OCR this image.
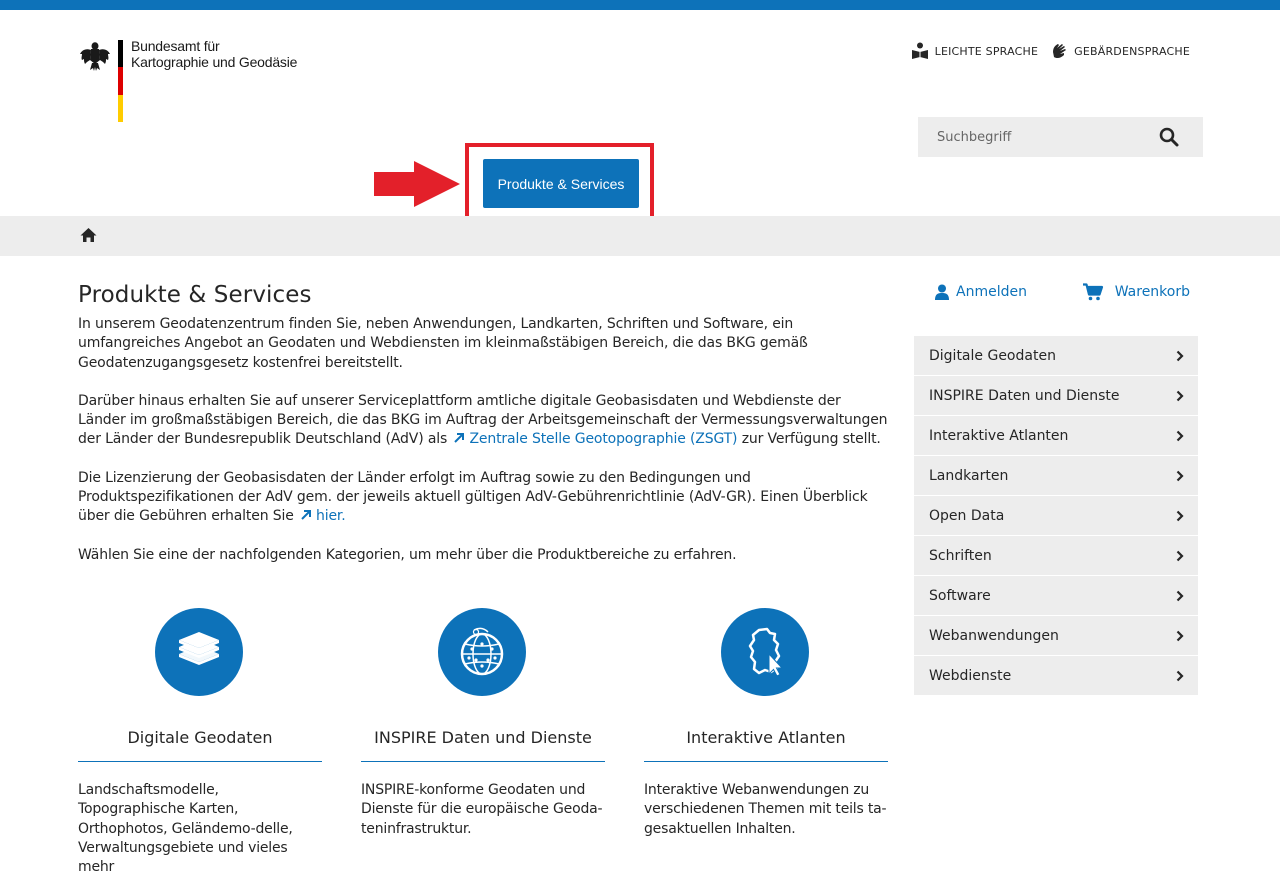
Bundesamt für
Kartographie und Geodäsie
LEICHTE SPRACHE	GEBÄRDENSPRACHE
Suchbegriff
Produkte & Services
Produkte & Services

In unserem Geodatenzentrum finden Sie, neben Anwendungen, Landkarten, Schriften und Software, ein umfangreiches Angebot an Geodaten und Webdiensten im kleinmaßstäbigen Bereich, die das BKG gemäß Geodatenzugangsgesetz kostenfrei bereitstellt.

Darüber hinaus erhalten Sie auf unserer Serviceplattform amtliche digitale Geobasisdaten und Webdienste der Länder im großmaßstäbigen Bereich, die das BKG im Auftrag der Arbeitsgemeinschaft der Vermessungsverwaltungen der Länder der Bundesrepublik Deutschland (AdV) als Zentrale Stelle Geotopographie (ZSGT) zur Verfügung stellt.

Die Lizenzierung der Geobasisdaten der Länder erfolgt im Auftrag sowie zu den Bedingungen und Produktspezifikationen der AdV gem. der jeweils aktuell gültigen AdV-Gebührenrichtlinie (AdV-GR). Einen Überblick über die Gebühren erhalten Sie hier.

Wählen Sie eine der nachfolgenden Kategorien, um mehr über die Produktbereiche zu erfahren.

Digitale Geodaten
Landschaftsmodelle, Topographische Karten, Orthophotos, Geländemo-delle, Verwaltungsgebiete und vieles mehr
INSPIRE Daten und Dienste
INSPIRE-konforme Geodaten und Dienste für die europäische Geoda-teninfrastruktur.
Interaktive Atlanten
Interaktive Webanwendungen zu verschiedenen Themen mit teils ta-gesaktuellen Inhalten.
Anmelden	Warenkorb
Digitale Geodaten
INSPIRE Daten und Dienste
Interaktive Atlanten
Landkarten
Open Data
Schriften
Software
Webanwendungen
Webdienste
